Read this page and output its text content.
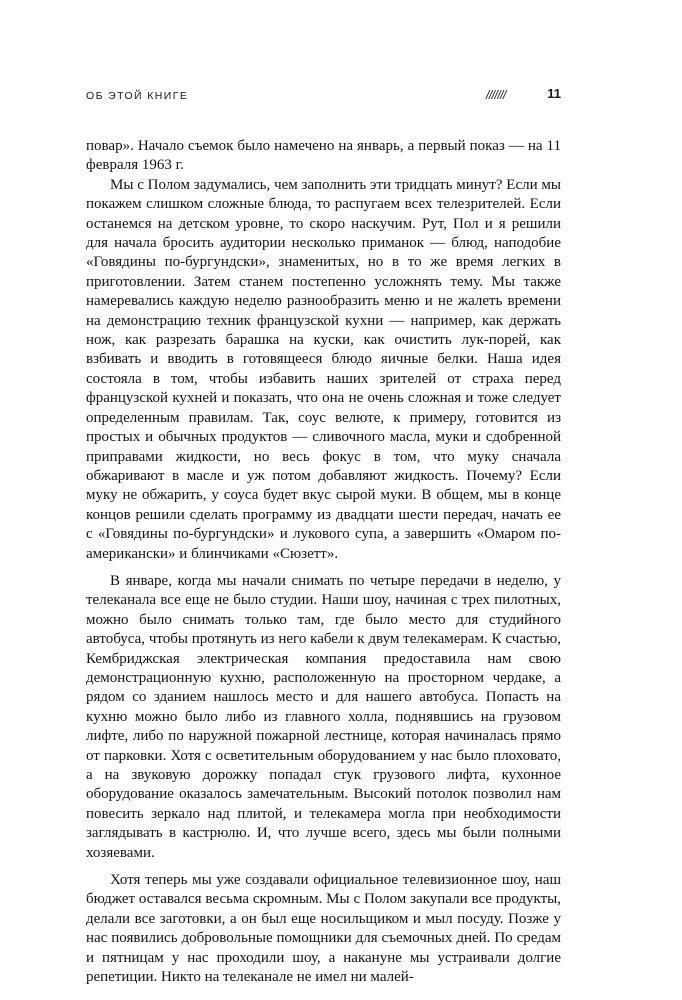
ОБ ЭТОЙ КНИГЕ	///////	11

повар». Начало съемок было намечено на январь, а первый показ — на 11 февраля 1963 г.

Мы с Полом задумались, чем заполнить эти тридцать минут? Если мы покажем слишком сложные блюда, то распугаем всех телезрителей. Если останемся на детском уровне, то скоро наскучим. Рут, Пол и я решили для начала бросить аудитории несколько приманок — блюд, наподобие «Говядины по-бургундски», знаменитых, но в то же время легких в приготовлении. Затем станем постепенно усложнять тему. Мы также намеревались каждую неделю разнообразить меню и не жалеть времени на демонстрацию техник французской кухни — например, как держать нож, как разрезать барашка на куски, как очистить лук-порей, как взбивать и вводить в готовящееся блюдо яичные белки. Наша идея состояла в том, чтобы избавить наших зрителей от страха перед французской кухней и показать, что она не очень сложная и тоже следует определенным правилам. Так, соус велюте, к примеру, готовится из простых и обычных продуктов — сливочного масла, муки и сдобренной приправами жидкости, но весь фокус в том, что муку сначала обжаривают в масле и уж потом добавляют жидкость. Почему? Если муку не обжарить, у соуса будет вкус сырой муки. В общем, мы в конце концов решили сделать программу из двадцати шести передач, начать ее с «Говядины по-бургундски» и лукового супа, а завершить «Омаром по-американски» и блинчиками «Сюзетт».

В январе, когда мы начали снимать по четыре передачи в неделю, у телеканала все еще не было студии. Наши шоу, начиная с трех пилотных, можно было снимать только там, где было место для студийного автобуса, чтобы протянуть из него кабели к двум телекамерам. К счастью, Кембриджская электрическая компания предоставила нам свою демонстрационную кухню, расположенную на просторном чердаке, а рядом со зданием нашлось место и для нашего автобуса. Попасть на кухню можно было либо из главного холла, поднявшись на грузовом лифте, либо по наружной пожарной лестнице, которая начиналась прямо от парковки. Хотя с осветительным оборудованием у нас было плоховато, а на звуковую дорожку попадал стук грузового лифта, кухонное оборудование оказалось замечательным. Высокий потолок позволил нам повесить зеркало над плитой, и телекамера могла при необходимости заглядывать в кастрюлю. И, что лучше всего, здесь мы были полными хозяевами.

Хотя теперь мы уже создавали официальное телевизионное шоу, наш бюджет оставался весьма скромным. Мы с Полом закупали все продукты, делали все заготовки, а он был еще носильщиком и мыл посуду. Позже у нас появились добровольные помощники для съемочных дней. По средам и пятницам у нас проходили шоу, а накануне мы устраивали долгие репетиции. Никто на телеканале не имел ни малей-
